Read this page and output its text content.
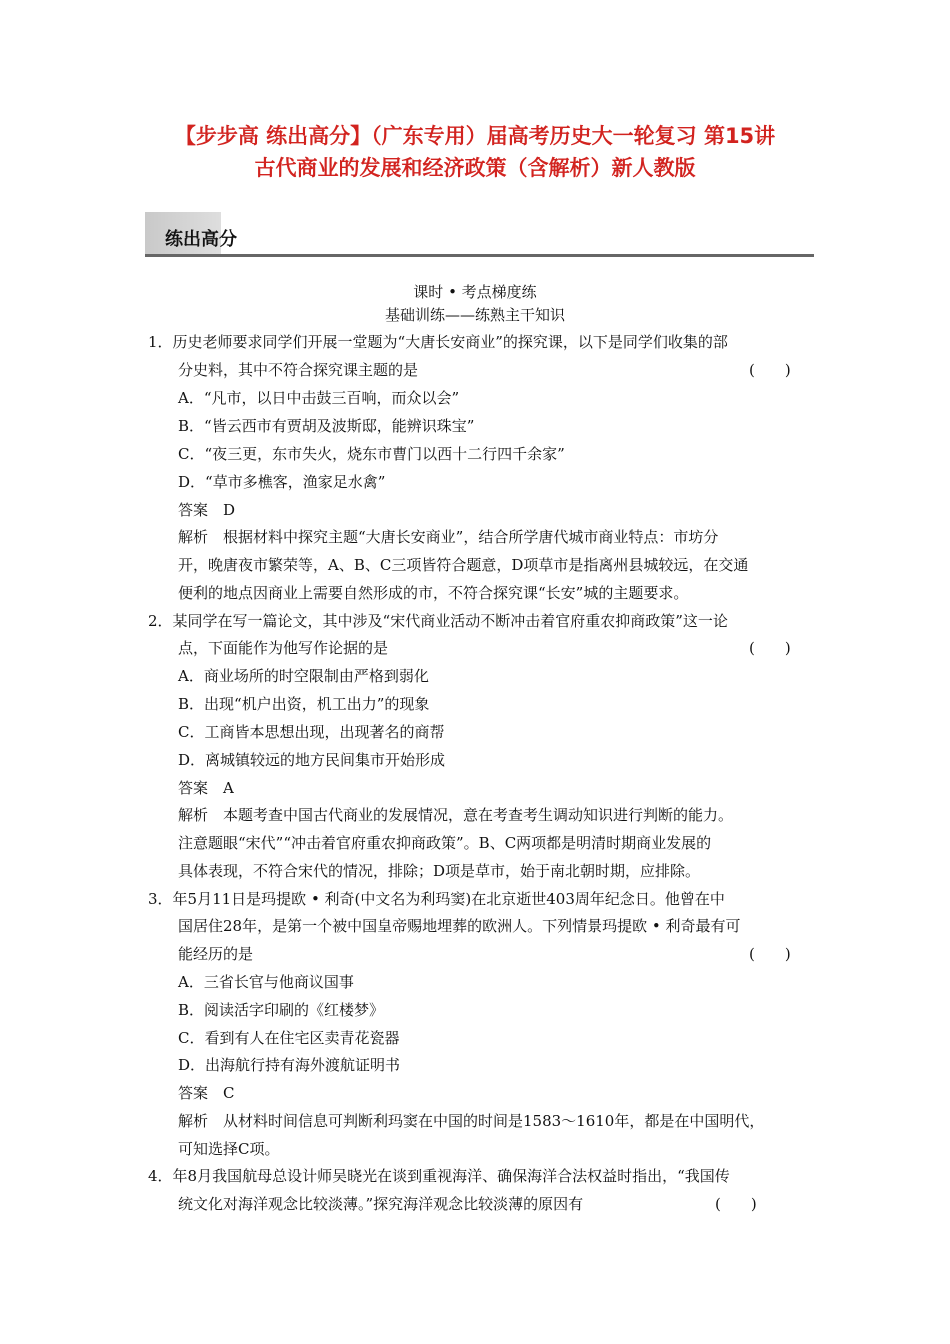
【步步高 练出高分】（广东专用）届高考历史大一轮复习 第15讲
古代商业的发展和经济政策（含解析）新人教版
练出高分
课时 • 考点梯度练
基础训练——练熟主干知识
1．历史老师要求同学们开展一堂题为“大唐长安商业”的探究课，以下是同学们收集的部
分史料，其中不符合探究课主题的是	(　　)
A．“凡市，以日中击鼓三百响，而众以会”
B．“皆云西市有贾胡及波斯邸，能辨识珠宝”
C．“夜三更，东市失火，烧东市曹门以西十二行四千余家”
D．“草市多樵客，渔家足水禽”
答案　D
解析　根据材料中探究主题“大唐长安商业”，结合所学唐代城市商业特点：市坊分
开，晚唐夜市繁荣等，A、B、C三项皆符合题意，D项草市是指离州县城较远，在交通
便利的地点因商业上需要自然形成的市，不符合探究课“长安”城的主题要求。
2．某同学在写一篇论文，其中涉及“宋代商业活动不断冲击着官府重农抑商政策”这一论
点，下面能作为他写作论据的是	(　　)
A．商业场所的时空限制由严格到弱化
B．出现“机户出资，机工出力”的现象
C．工商皆本思想出现，出现著名的商帮
D．离城镇较远的地方民间集市开始形成
答案　A
解析　本题考查中国古代商业的发展情况，意在考查考生调动知识进行判断的能力。
注意题眼“宋代”“冲击着官府重农抑商政策”。B、C两项都是明清时期商业发展的
具体表现，不符合宋代的情况，排除；D项是草市，始于南北朝时期，应排除。
3．年5月11日是玛提欧 • 利奇(中文名为利玛窦)在北京逝世403周年纪念日。他曾在中
国居住28年，是第一个被中国皇帝赐地埋葬的欧洲人。下列情景玛提欧 • 利奇最有可
能经历的是	(　　)
A．三省长官与他商议国事
B．阅读活字印刷的《红楼梦》
C．看到有人在住宅区卖青花瓷器
D．出海航行持有海外渡航证明书
答案　C
解析　从材料时间信息可判断利玛窦在中国的时间是1583～1610年，都是在中国明代，
可知选择C项。
4．年8月我国航母总设计师吴晓光在谈到重视海洋、确保海洋合法权益时指出，“我国传
统文化对海洋观念比较淡薄。”探究海洋观念比较淡薄的原因有	(　　)
